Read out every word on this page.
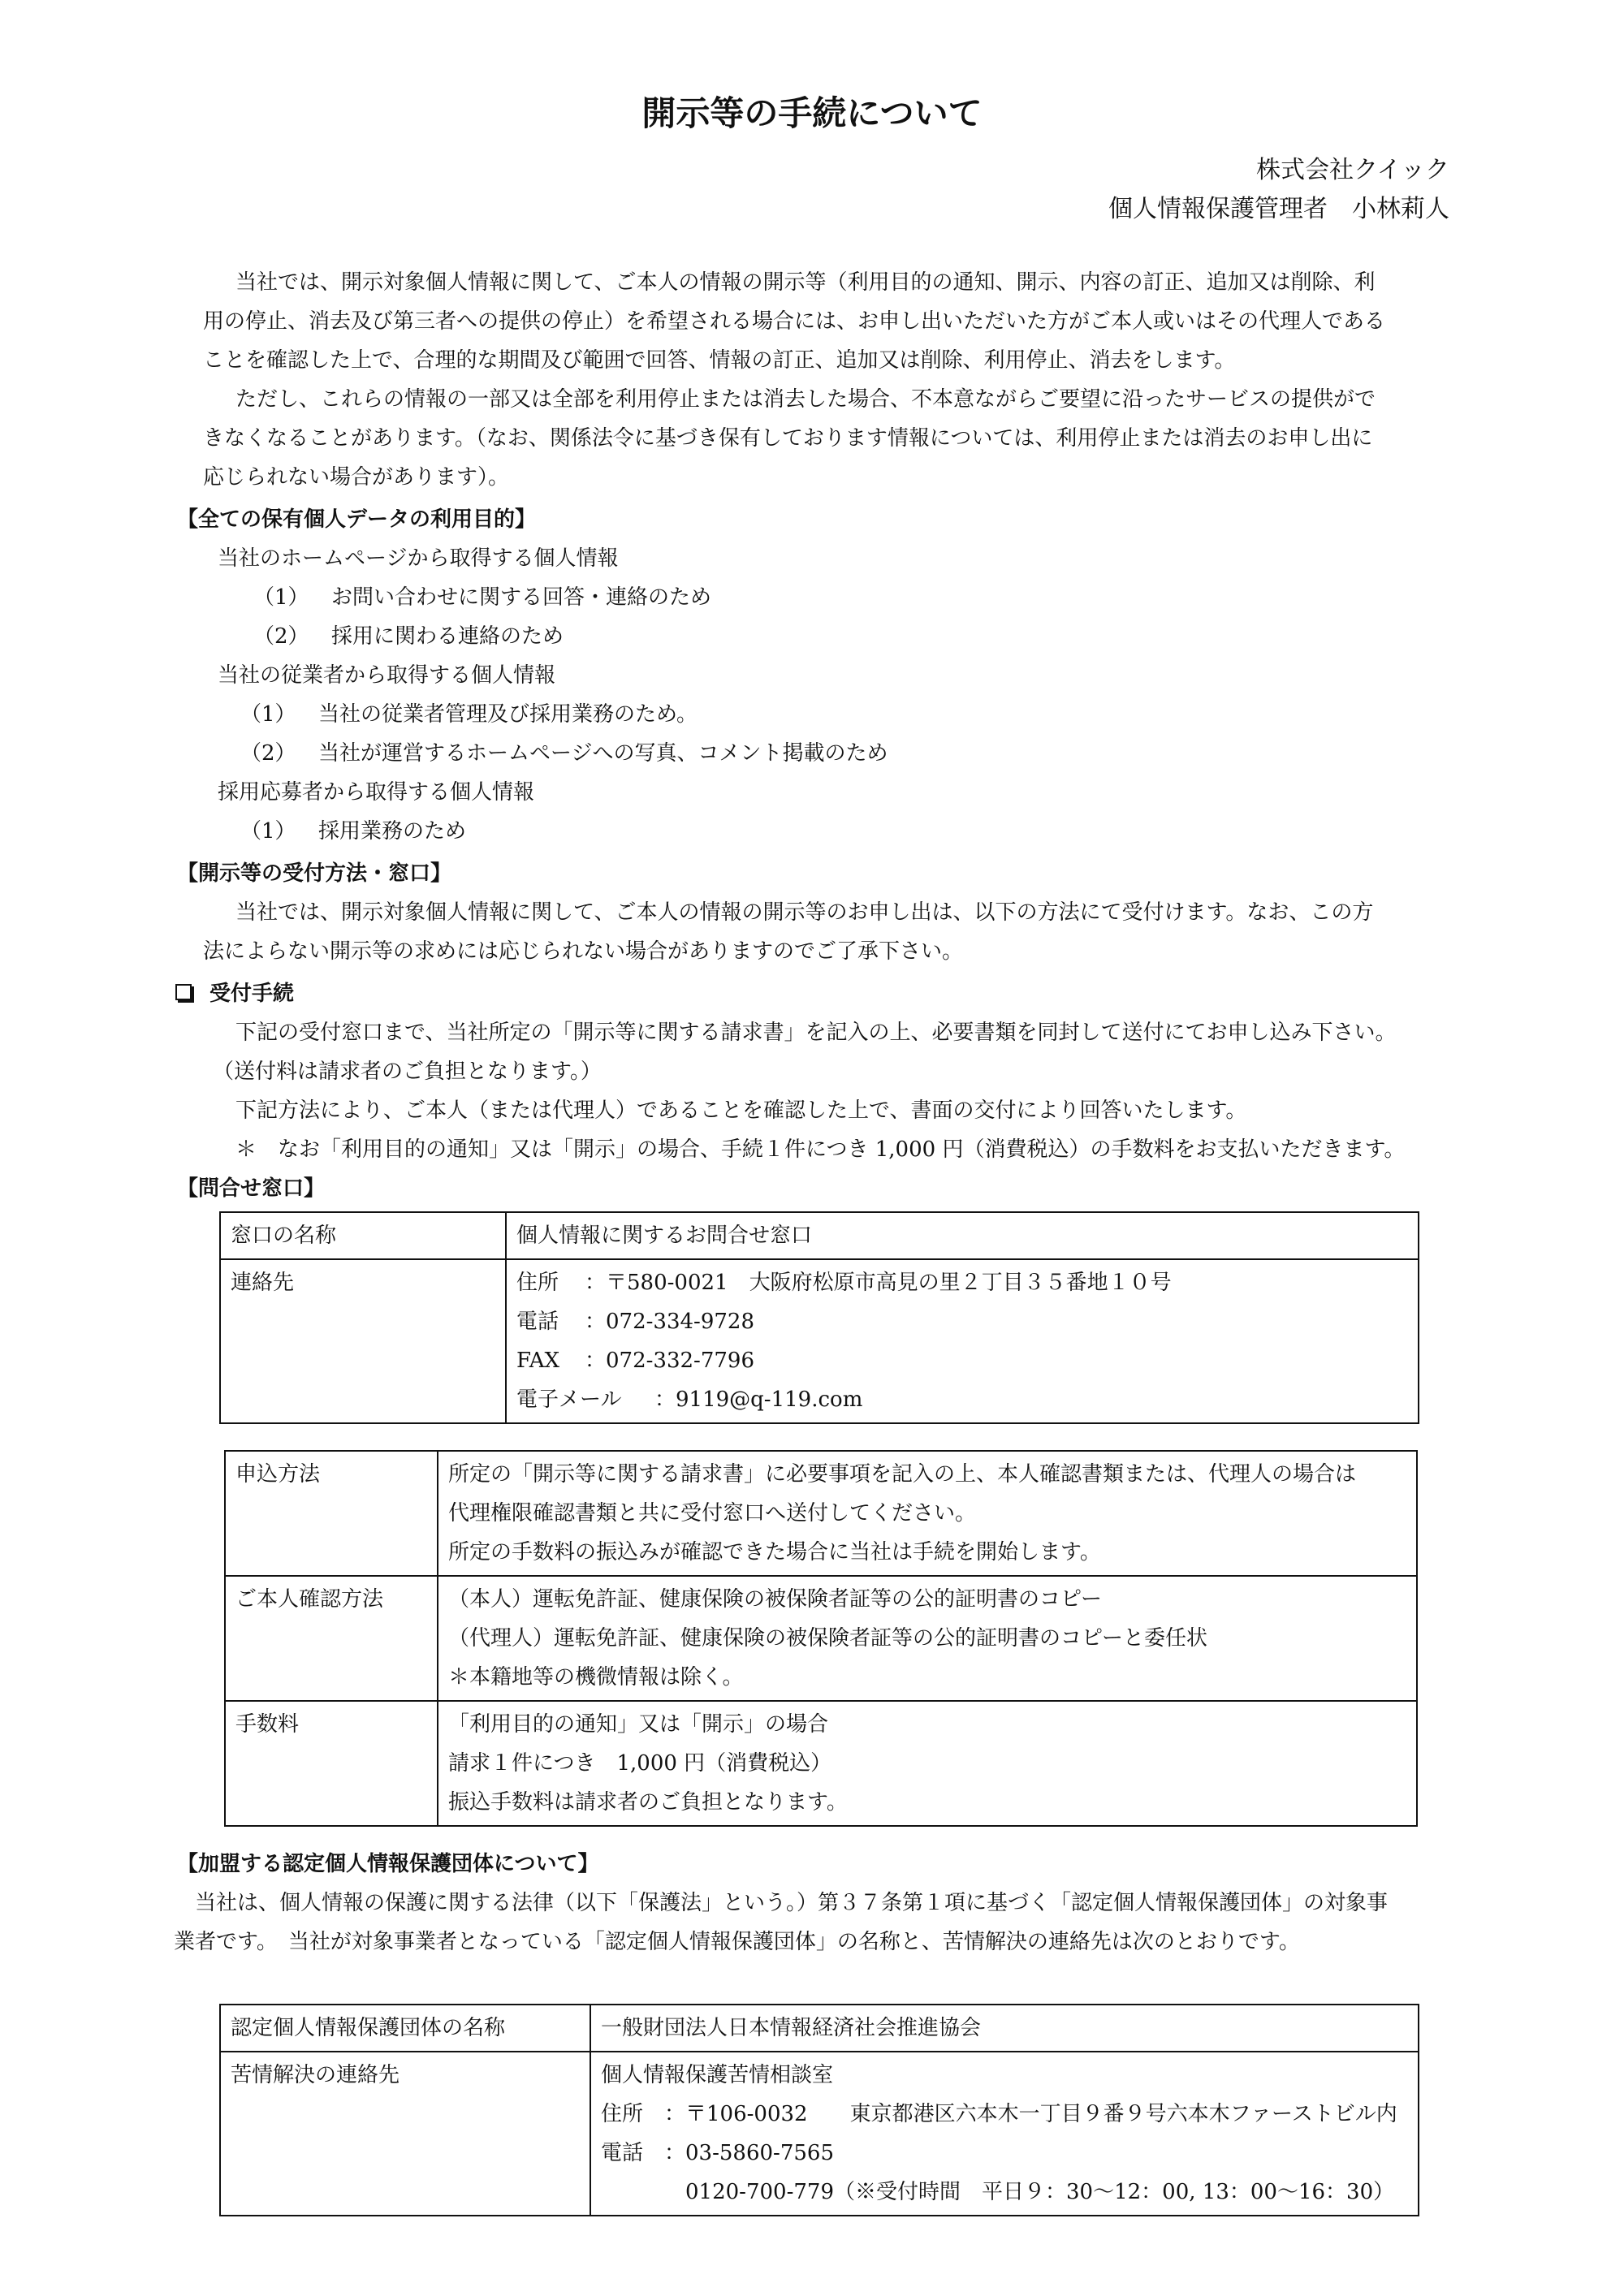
開示等の手続について
株式会社クイック
個人情報保護管理者　小林莉人
当社では、開示対象個人情報に関して、ご本人の情報の開示等（利用目的の通知、開示、内容の訂正、追加又は削除、利
用の停止、消去及び第三者への提供の停止）を希望される場合には、お申し出いただいた方がご本人或いはその代理人である
ことを確認した上で、合理的な期間及び範囲で回答、情報の訂正、追加又は削除、利用停止、消去をします。
ただし、これらの情報の一部又は全部を利用停止または消去した場合、不本意ながらご要望に沿ったサービスの提供がで
きなくなることがあります。（なお、関係法令に基づき保有しております情報については、利用停止または消去のお申し出に
応じられない場合があります）。
【全ての保有個人データの利用目的】
当社のホームページから取得する個人情報
（1） お問い合わせに関する回答・連絡のため
（2） 採用に関わる連絡のため
当社の従業者から取得する個人情報
（1） 当社の従業者管理及び採用業務のため。
（2） 当社が運営するホームページへの写真、コメント掲載のため
採用応募者から取得する個人情報
（1） 採用業務のため
【開示等の受付方法・窓口】
当社では、開示対象個人情報に関して、ご本人の情報の開示等のお申し出は、以下の方法にて受付けます。なお、この方
法によらない開示等の求めには応じられない場合がありますのでご了承下さい。
受付手続
下記の受付窓口まで、当社所定の「開示等に関する請求書」を記入の上、必要書類を同封して送付にてお申し込み下さい。
（送付料は請求者のご負担となります。）
下記方法により、ご本人（または代理人）であることを確認した上で、書面の交付により回答いたします。
＊　なお「利用目的の通知」又は「開示」の場合、手続１件につき 1,000 円（消費税込）の手数料をお支払いただきます。
【問合せ窓口】
窓口の名称	個人情報に関するお問合せ窓口
連絡先	住所 ：〒580-0021　大阪府松原市高見の里２丁目３５番地１０号
電話 ：072-334-9728
FAX ：072-332-7796
電子メール ：9119@q-119.com
申込方法	所定の「開示等に関する請求書」に必要事項を記入の上、本人確認書類または、代理人の場合は
代理権限確認書類と共に受付窓口へ送付してください。
所定の手数料の振込みが確認できた場合に当社は手続を開始します。

ご本人確認方法	（本人）運転免許証、健康保険の被保険者証等の公的証明書のコピー
（代理人）運転免許証、健康保険の被保険者証等の公的証明書のコピーと委任状
＊本籍地等の機微情報は除く。

手数料	「利用目的の通知」又は「開示」の場合
請求１件につき　1,000 円（消費税込）
振込手数料は請求者のご負担となります。
【加盟する認定個人情報保護団体について】
当社は、個人情報の保護に関する法律（以下「保護法」という。）第３７条第１項に基づく「認定個人情報保護団体」の対象事
業者です。　当社が対象事業者となっている「認定個人情報保護団体」の名称と、苦情解決の連絡先は次のとおりです。
認定個人情報保護団体の名称	一般財団法人日本情報経済社会推進協会
苦情解決の連絡先	個人情報保護苦情相談室
住所　：〒106-0032　　東京都港区六本木一丁目９番９号六本木ファーストビル内
電話　：03-5860-7565
　　　　0120-700-779（※受付時間　平日９：30～12：00, 13：00～16：30）
